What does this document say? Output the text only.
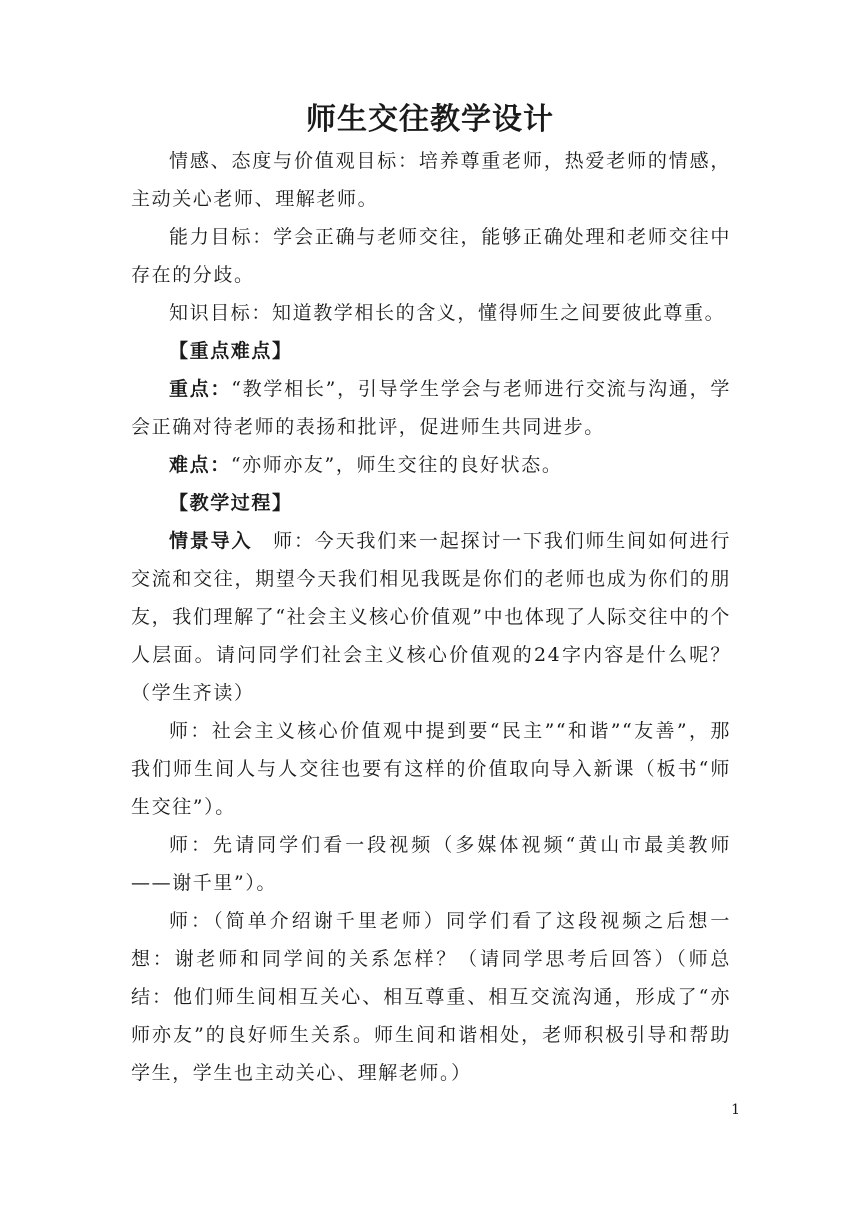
师生交往教学设计

情感、态度与价值观目标：培养尊重老师，热爱老师的情感，主动关心老师、理解老师。

能力目标：学会正确与老师交往，能够正确处理和老师交往中存在的分歧。

知识目标：知道教学相长的含义，懂得师生之间要彼此尊重。

【重点难点】

重点：“教学相长”，引导学生学会与老师进行交流与沟通，学会正确对待老师的表扬和批评，促进师生共同进步。

难点：“亦师亦友”，师生交往的良好状态。

【教学过程】

情景导入　师：今天我们来一起探讨一下我们师生间如何进行交流和交往，期望今天我们相见我既是你们的老师也成为你们的朋友，我们理解了“社会主义核心价值观”中也体现了人际交往中的个人层面。请问同学们社会主义核心价值观的24字内容是什么呢？（学生齐读）

师：社会主义核心价值观中提到要“民主”“和谐”“友善”，那我们师生间人与人交往也要有这样的价值取向导入新课（板书“师生交往”）。

师：先请同学们看一段视频（多媒体视频“黄山市最美教师——谢千里”）。

师：（简单介绍谢千里老师）同学们看了这段视频之后想一想：谢老师和同学间的关系怎样？（请同学思考后回答）（师总结：他们师生间相互关心、相互尊重、相互交流沟通，形成了“亦师亦友”的良好师生关系。师生间和谐相处，老师积极引导和帮助学生，学生也主动关心、理解老师。）

1
